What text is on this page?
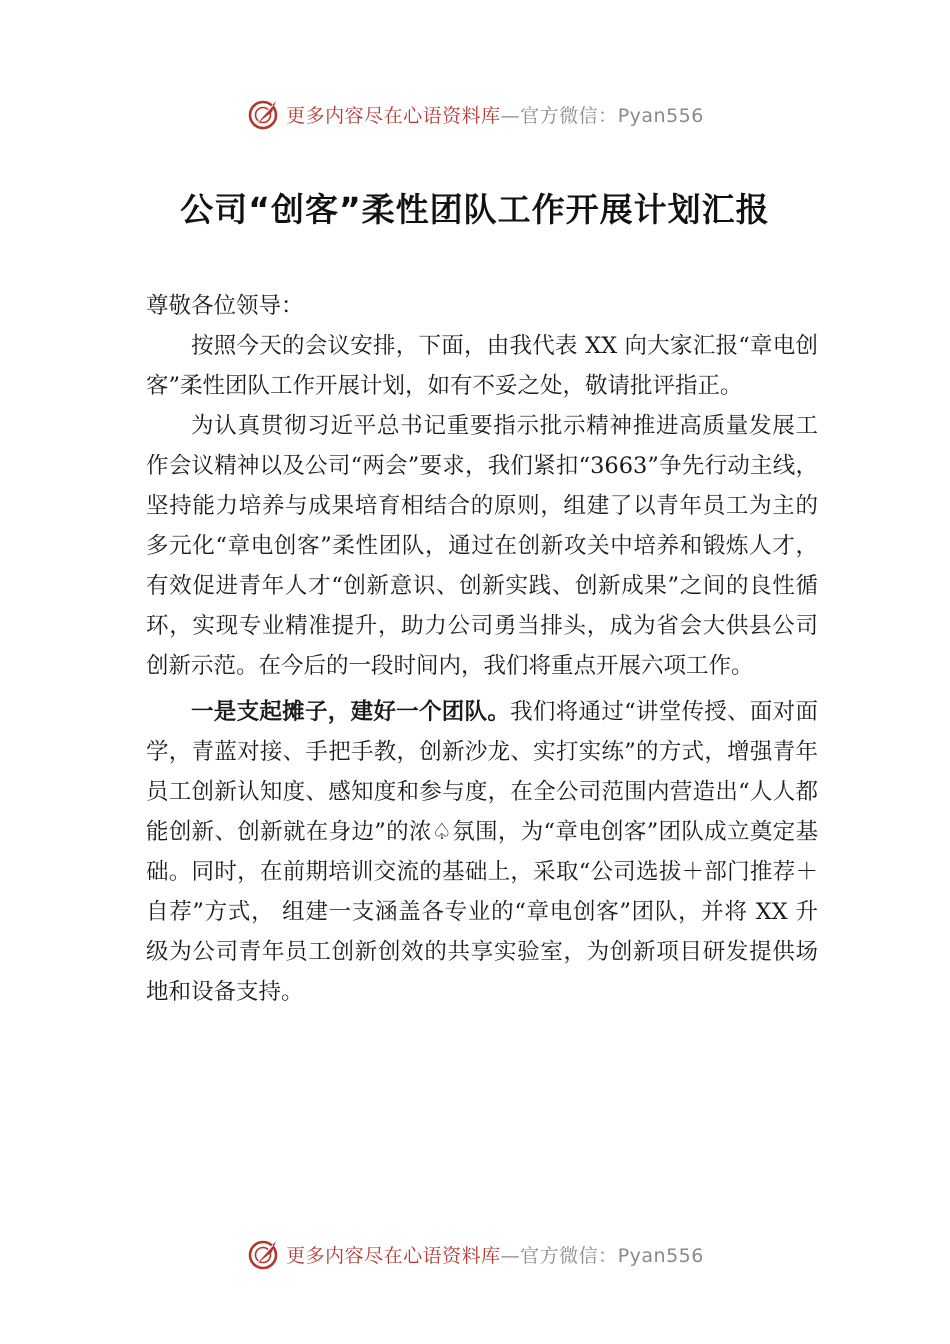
更多内容尽在心语资料库—官方微信：Pyan556
公司“创客”柔性团队工作开展计划汇报

尊敬各位领导：

按照今天的会议安排，下面，由我代表 XX 向大家汇报“章电创客”柔性团队工作开展计划，如有不妥之处，敬请批评指正。

为认真贯彻习近平总书记重要指示批示精神推进高质量发展工作会议精神以及公司“两会”要求，我们紧扣“3663”争先行动主线，坚持能力培养与成果培育相结合的原则，组建了以青年员工为主的多元化“章电创客”柔性团队，通过在创新攻关中培养和锻炼人才，有效促进青年人才“创新意识、创新实践、创新成果”之间的良性循环，实现专业精准提升，助力公司勇当排头，成为省会大供县公司创新示范。在今后的一段时间内，我们将重点开展六项工作。

一是支起摊子，建好一个团队。我们将通过“讲堂传授、面对面学，青蓝对接、手把手教，创新沙龙、实打实练”的方式，增强青年员工创新认知度、感知度和参与度，在全公司范围内营造出“人人都能创新、创新就在身边”的浓♤氛围，为“章电创客”团队成立奠定基础。同时，在前期培训交流的基础上，采取“公司选拔＋部门推荐＋自荐”方式， 组建一支涵盖各专业的“章电创客”团队，并将 XX 升级为公司青年员工创新创效的共享实验室，为创新项目研发提供场地和设备支持。

更多内容尽在心语资料库—官方微信：Pyan556
